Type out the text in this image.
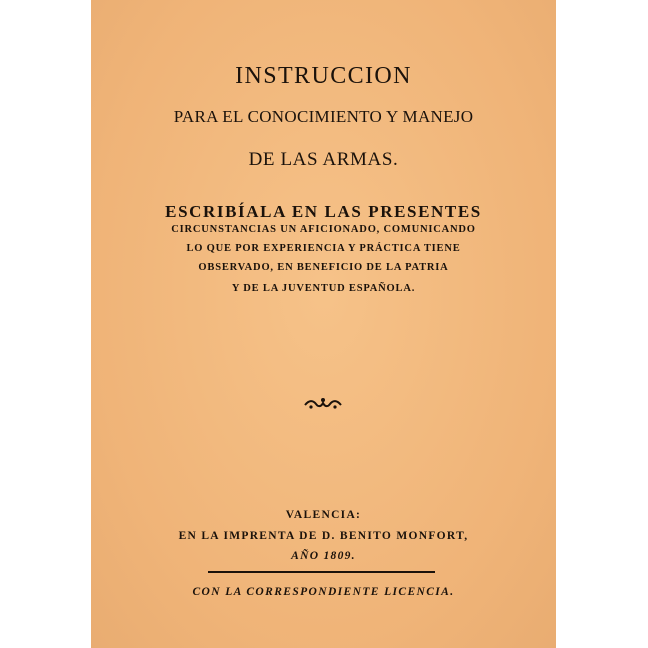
INSTRUCCION
PARA EL CONOCIMIENTO Y MANEJO
DE LAS ARMAS.
ESCRIBÍALA EN LAS PRESENTES
CIRCUNSTANCIAS UN AFICIONADO, COMUNICANDO
LO QUE POR EXPERIENCIA Y PRÁCTICA TIENE
OBSERVADO, EN BENEFICIO DE LA PATRIA
Y DE LA JUVENTUD ESPAÑOLA.
VALENCIA:
EN LA IMPRENTA DE D. BENITO MONFORT,
AÑO 1809.
CON LA CORRESPONDIENTE LICENCIA.
